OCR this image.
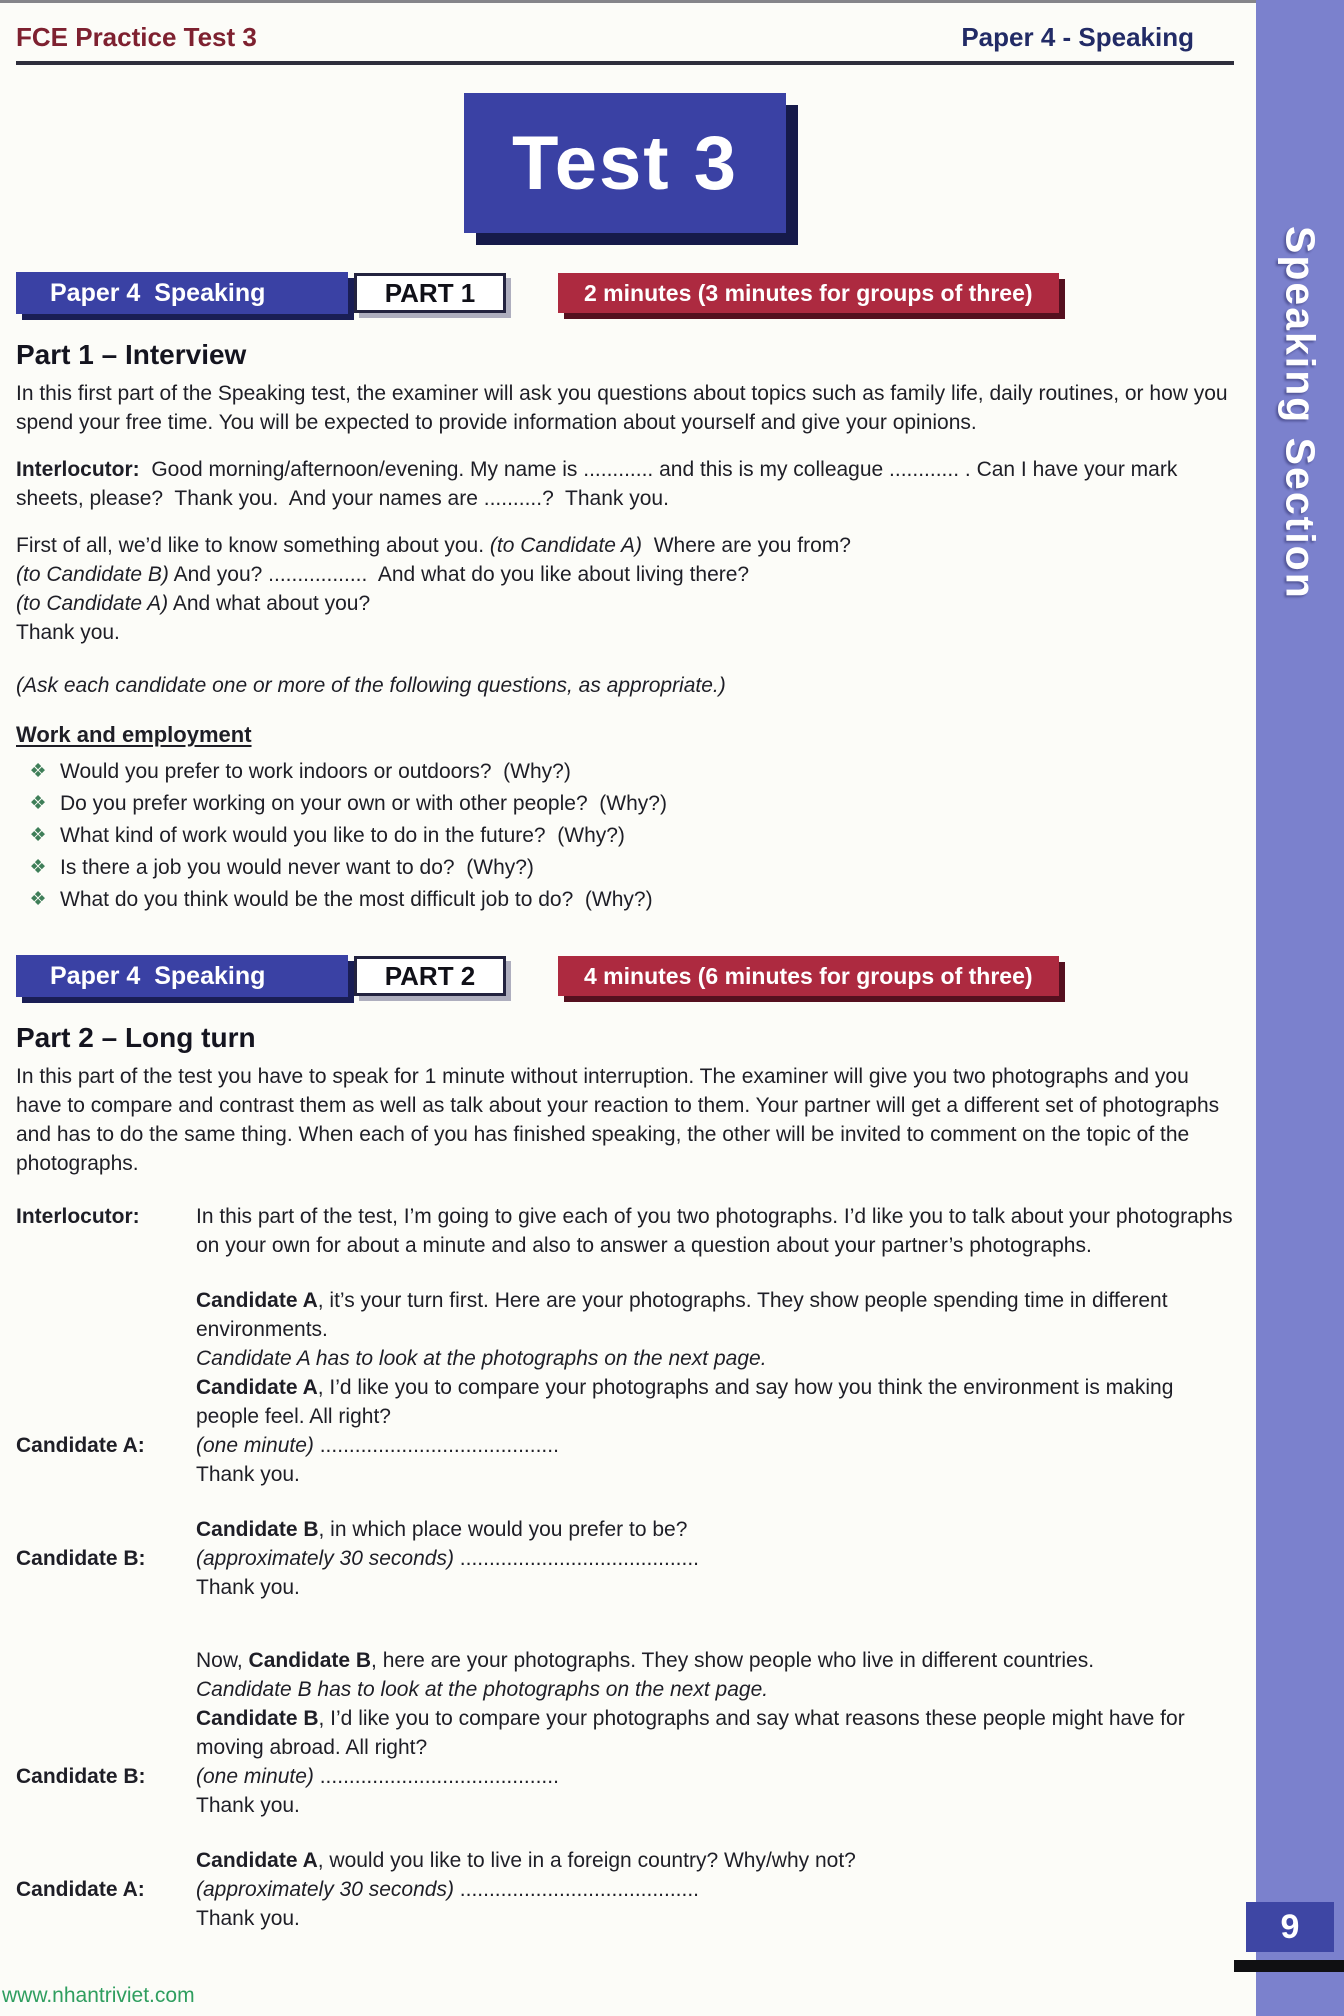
FCE Practice Test 3	Paper 4 - Speaking
Test 3
Paper 4  Speaking	PART 1	2 minutes (3 minutes for groups of three)
Part 1 – Interview

In this first part of the Speaking test, the examiner will ask you questions about topics such as family life, daily routines, or how you spend your free time. You will be expected to provide information about yourself and give your opinions.

Interlocutor:  Good morning/afternoon/evening. My name is ............ and this is my colleague ............ . Can I have your mark sheets, please?  Thank you.  And your names are ..........?  Thank you.

First of all, we’d like to know something about you. (to Candidate A)  Where are you from?

(to Candidate B) And you? .................  And what do you like about living there?

(to Candidate A) And what about you?

Thank you.

(Ask each candidate one or more of the following questions, as appropriate.)

Work and employment

❖ Would you prefer to work indoors or outdoors?  (Why?)
❖ Do you prefer working on your own or with other people?  (Why?)
❖ What kind of work would you like to do in the future?  (Why?)
❖ Is there a job you would never want to do?  (Why?)
❖ What do you think would be the most difficult job to do?  (Why?)
Paper 4  Speaking	PART 2	4 minutes (6 minutes for groups of three)
Part 2 – Long turn

In this part of the test you have to speak for 1 minute without interruption. The examiner will give you two photographs and you have to compare and contrast them as well as talk about your reaction to them. Your partner will get a different set of photographs and has to do the same thing. When each of you has finished speaking, the other will be invited to comment on the topic of the photographs.

Interlocutor:	In this part of the test, I’m going to give each of you two photographs. I’d like you to talk about your photographs on your own for about a minute and also to answer a question about your partner’s photographs.

Candidate A, it’s your turn first. Here are your photographs. They show people spending time in different environments.

Candidate A has to look at the photographs on the next page.

Candidate A, I’d like you to compare your photographs and say how you think the environment is making people feel. All right?

Candidate A:	(one minute) .........................................

Thank you.

Candidate B, in which place would you prefer to be?

Candidate B:	(approximately 30 seconds) .........................................

Thank you.

Now, Candidate B, here are your photographs. They show people who live in different countries.

Candidate B has to look at the photographs on the next page.

Candidate B, I’d like you to compare your photographs and say what reasons these people might have for moving abroad. All right?

Candidate B:	(one minute) .........................................

Thank you.

Candidate A, would you like to live in a foreign country? Why/why not?

Candidate A:	(approximately 30 seconds) .........................................

Thank you.

Speaking Section
9
www.nhantriviet.com
